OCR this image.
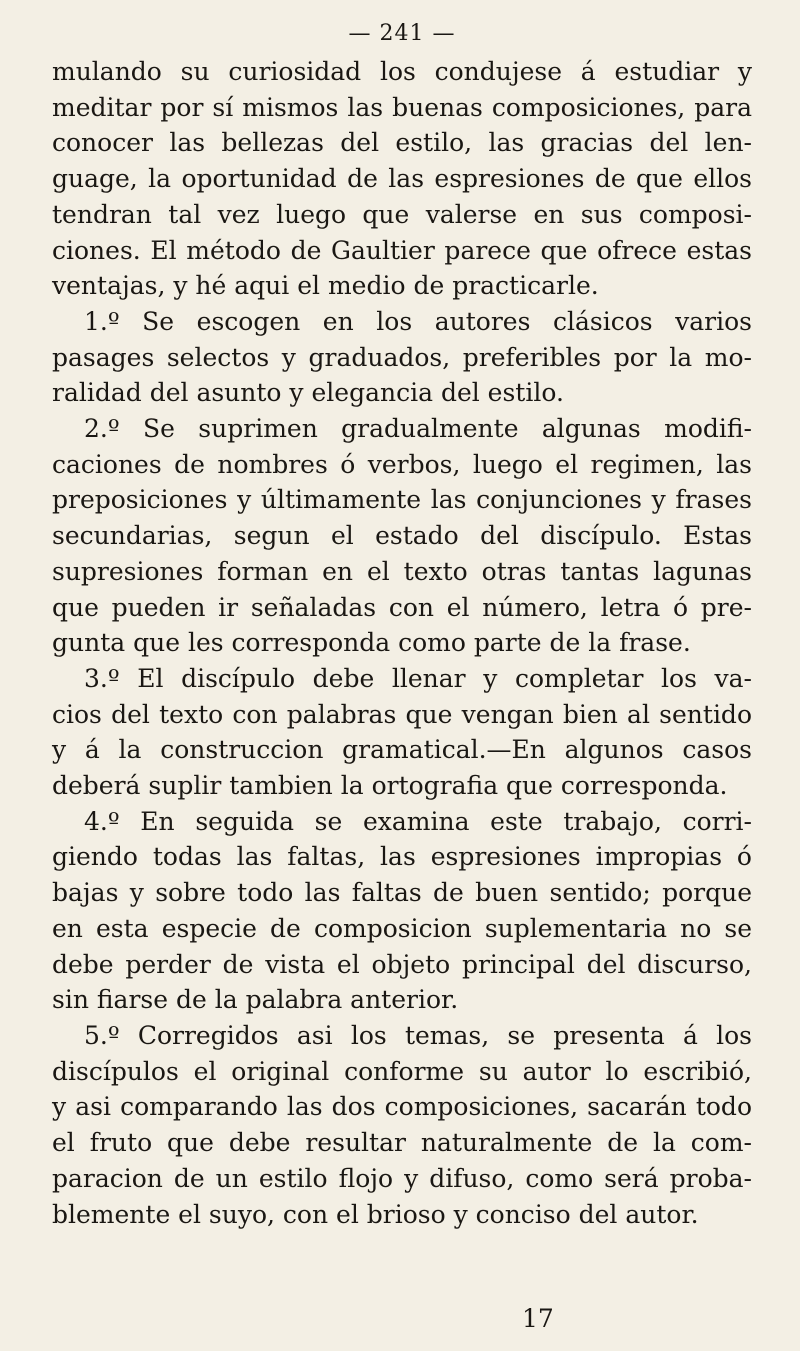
— 241 —

mulando su curiosidad los condujese á estudiar y

meditar por sí mismos las buenas composiciones, para

conocer las bellezas del estilo, las gracias del len-

guage, la oportunidad de las espresiones de que ellos

tendran tal vez luego que valerse en sus composi-

ciones. El método de Gaultier parece que ofrece estas

ventajas, y hé aqui el medio de practicarle.

1.º Se escogen en los autores clásicos varios

pasages selectos y graduados, preferibles por la mo-

ralidad del asunto y elegancia del estilo.

2.º Se suprimen gradualmente algunas modifi-

caciones de nombres ó verbos, luego el regimen, las

preposiciones y últimamente las conjunciones y frases

secundarias, segun el estado del discípulo. Estas

supresiones forman en el texto otras tantas lagunas

que pueden ir señaladas con el número, letra ó pre-

gunta que les corresponda como parte de la frase.

3.º El discípulo debe llenar y completar los va-

cios del texto con palabras que vengan bien al sentido

y á la construccion gramatical.—En algunos casos

deberá suplir tambien la ortografia que corresponda.

4.º En seguida se examina este trabajo, corri-

giendo todas las faltas, las espresiones impropias ó

bajas y sobre todo las faltas de buen sentido; porque

en esta especie de composicion suplementaria no se

debe perder de vista el objeto principal del discurso,

sin fiarse de la palabra anterior.

5.º Corregidos asi los temas, se presenta á los

discípulos el original conforme su autor lo escribió,

y asi comparando las dos composiciones, sacarán todo

el fruto que debe resultar naturalmente de la com-

paracion de un estilo flojo y difuso, como será proba-

blemente el suyo, con el brioso y conciso del autor.

17
